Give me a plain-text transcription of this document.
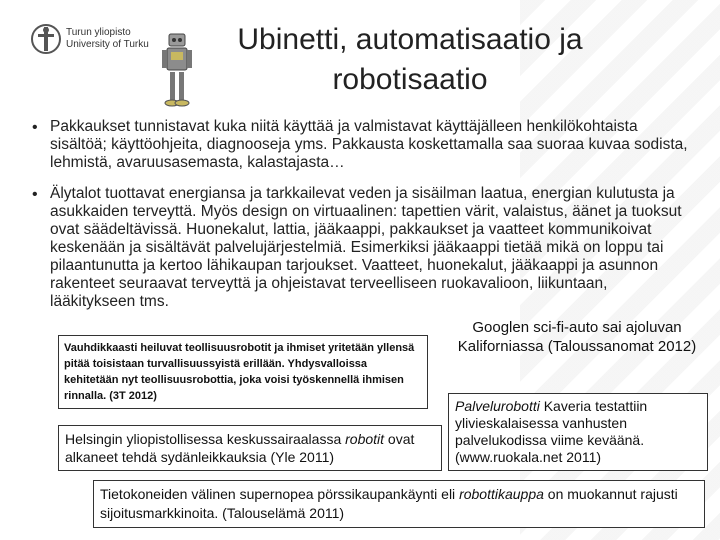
Turun yliopisto
University of Turku	Ubinetti, automatisaatio ja
robotisaatio
• Pakkaukset tunnistavat kuka niitä käyttää ja valmistavat käyttäjälleen henkilökohtaista sisältöä; käyttöohjeita, diagnooseja yms. Pakkausta koskettamalla saa suoraa kuvaa sodista, lehmistä, avaruusasemasta, kalastajasta…
• Älytalot tuottavat energiansa ja tarkkailevat veden ja sisäilman laatua, energian kulutusta ja asukkaiden terveyttä. Myös design on virtuaalinen: tapettien värit, valaistus, äänet ja tuoksut ovat säädeltävissä. Huonekalut, lattia, jääkaappi, pakkaukset ja vaatteet kommunikoivat keskenään ja sisältävät palvelujärjestelmiä. Esimerkiksi jääkaappi tietää mikä on loppu tai pilaantunutta ja kertoo lähikaupan tarjoukset. Vaatteet, huonekalut, jääkaappi ja asunnon rakenteet seuraavat terveyttä ja ohjeistavat terveelliseen ruokavalioon, liikuntaan, lääkitykseen tms.
Vauhdikkaasti heiluvat teollisuusrobotit ja ihmiset yritetään yllensä pitää toisistaan turvallisuussyistä erillään. Yhdysvalloissa kehitetään nyt teollisuusrobottia, joka voisi työskennellä ihmisen rinnalla. (3T 2012)
Helsingin yliopistollisessa keskussairaalassa robotit ovat alkaneet tehdä sydänleikkauksia (Yle 2011)
Googlen sci-fi-auto sai ajoluvan Kaliforniassa (Taloussanomat 2012)
Palvelurobotti Kaveria testattiin ylivieskalaisessa vanhusten palvelukodissa viime keväänä. (www.ruokala.net 2011)
Tietokoneiden välinen supernopea pörssikaupankäynti eli robottikauppa on muokannut rajusti sijoitusmarkkinoita. (Talouselämä 2011)
